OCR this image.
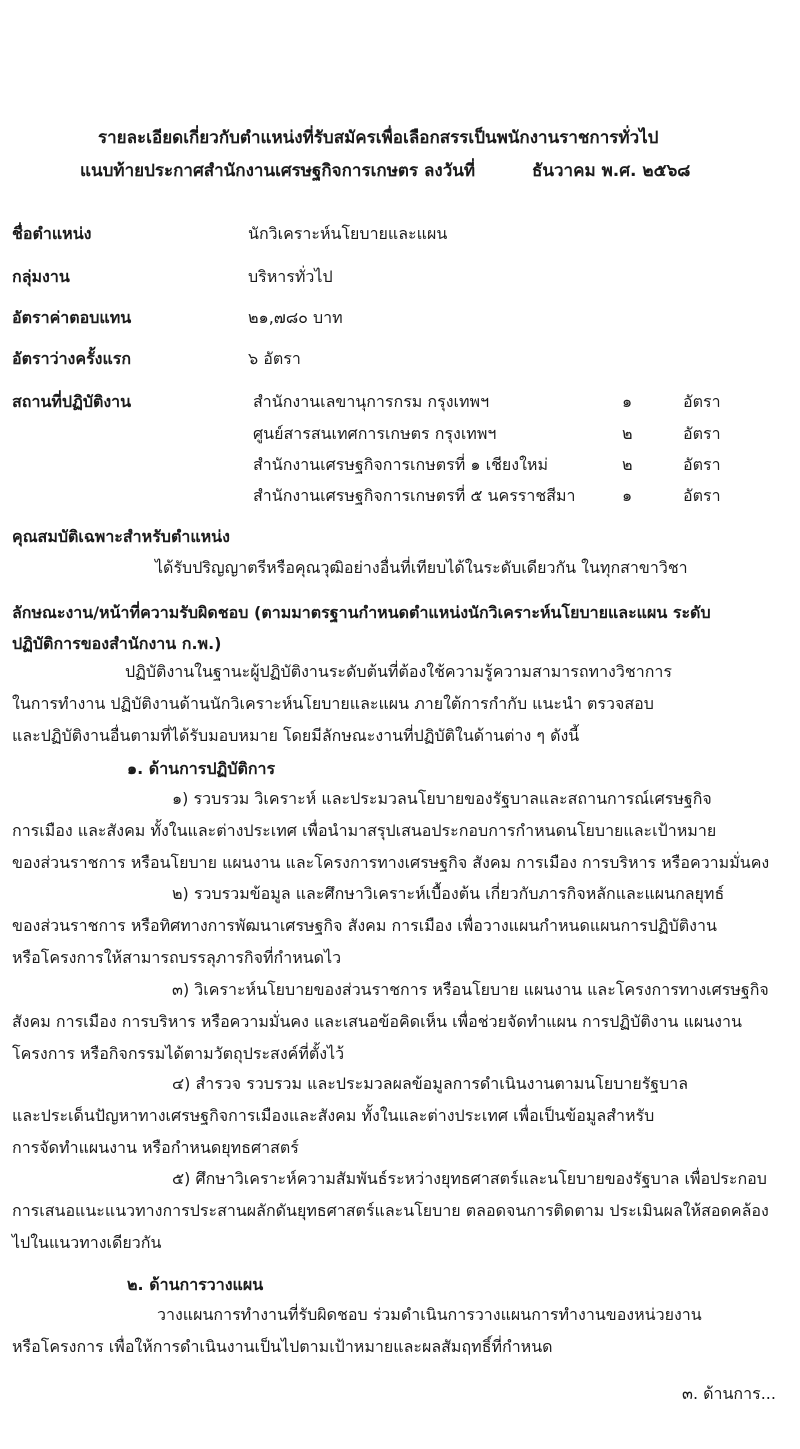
รายละเอียดเกี่ยวกับตำแหน่งที่รับสมัครเพื่อเลือกสรรเป็นพนักงานราชการทั่วไป
แนบท้ายประกาศสำนักงานเศรษฐกิจการเกษตร ลงวันที่	ธันวาคม พ.ศ. ๒๕๖๘
ชื่อตำแหน่ง	นักวิเคราะห์นโยบายและแผน
กลุ่มงาน	บริหารทั่วไป
อัตราค่าตอบแทน	๒๑,๗๘๐ บาท
อัตราว่างครั้งแรก	๖ อัตรา
สถานที่ปฏิบัติงาน	สำนักงานเลขานุการกรม กรุงเทพฯ	๑	อัตรา
ศูนย์สารสนเทศการเกษตร กรุงเทพฯ	๒	อัตรา
สำนักงานเศรษฐกิจการเกษตรที่ ๑ เชียงใหม่	๒	อัตรา
สำนักงานเศรษฐกิจการเกษตรที่ ๕ นครราชสีมา	๑	อัตรา
คุณสมบัติเฉพาะสำหรับตำแหน่ง
ได้รับปริญญาตรีหรือคุณวุฒิอย่างอื่นที่เทียบได้ในระดับเดียวกัน ในทุกสาขาวิชา
ลักษณะงาน/หน้าที่ความรับผิดชอบ (ตามมาตรฐานกำหนดตำแหน่งนักวิเคราะห์นโยบายและแผน ระดับ
ปฏิบัติการของสำนักงาน ก.พ.)
ปฏิบัติงานในฐานะผู้ปฏิบัติงานระดับต้นที่ต้องใช้ความรู้ความสามารถทางวิชาการ
ในการทำงาน ปฏิบัติงานด้านนักวิเคราะห์นโยบายและแผน ภายใต้การกำกับ แนะนำ ตรวจสอบ
และปฏิบัติงานอื่นตามที่ได้รับมอบหมาย โดยมีลักษณะงานที่ปฏิบัติในด้านต่าง ๆ ดังนี้
๑. ด้านการปฏิบัติการ
๑) รวบรวม วิเคราะห์ และประมวลนโยบายของรัฐบาลและสถานการณ์เศรษฐกิจ
การเมือง และสังคม ทั้งในและต่างประเทศ เพื่อนำมาสรุปเสนอประกอบการกำหนดนโยบายและเป้าหมาย
ของส่วนราชการ หรือนโยบาย แผนงาน และโครงการทางเศรษฐกิจ สังคม การเมือง การบริหาร หรือความมั่นคง
๒) รวบรวมข้อมูล และศึกษาวิเคราะห์เบื้องต้น เกี่ยวกับภารกิจหลักและแผนกลยุทธ์
ของส่วนราชการ หรือทิศทางการพัฒนาเศรษฐกิจ สังคม การเมือง เพื่อวางแผนกำหนดแผนการปฏิบัติงาน
หรือโครงการให้สามารถบรรลุภารกิจที่กำหนดไว
๓) วิเคราะห์นโยบายของส่วนราชการ หรือนโยบาย แผนงาน และโครงการทางเศรษฐกิจ
สังคม การเมือง การบริหาร หรือความมั่นคง และเสนอข้อคิดเห็น เพื่อช่วยจัดทำแผน การปฏิบัติงาน แผนงาน
โครงการ หรือกิจกรรมได้ตามวัตถุประสงค์ที่ตั้งไว้
๔) สำรวจ รวบรวม และประมวลผลข้อมูลการดำเนินงานตามนโยบายรัฐบาล
และประเด็นปัญหาทางเศรษฐกิจการเมืองและสังคม ทั้งในและต่างประเทศ เพื่อเป็นข้อมูลสำหรับ
การจัดทำแผนงาน หรือกำหนดยุทธศาสตร์
๕) ศึกษาวิเคราะห์ความสัมพันธ์ระหว่างยุทธศาสตร์และนโยบายของรัฐบาล เพื่อประกอบ
การเสนอแนะแนวทางการประสานผลักดันยุทธศาสตร์และนโยบาย ตลอดจนการติดตาม ประเมินผลให้สอดคล้อง
ไปในแนวทางเดียวกัน
๒. ด้านการวางแผน
วางแผนการทำงานที่รับผิดชอบ ร่วมดำเนินการวางแผนการทำงานของหน่วยงาน
หรือโครงการ เพื่อให้การดำเนินงานเป็นไปตามเป้าหมายและผลสัมฤทธิ์ที่กำหนด
๓. ด้านการ...
